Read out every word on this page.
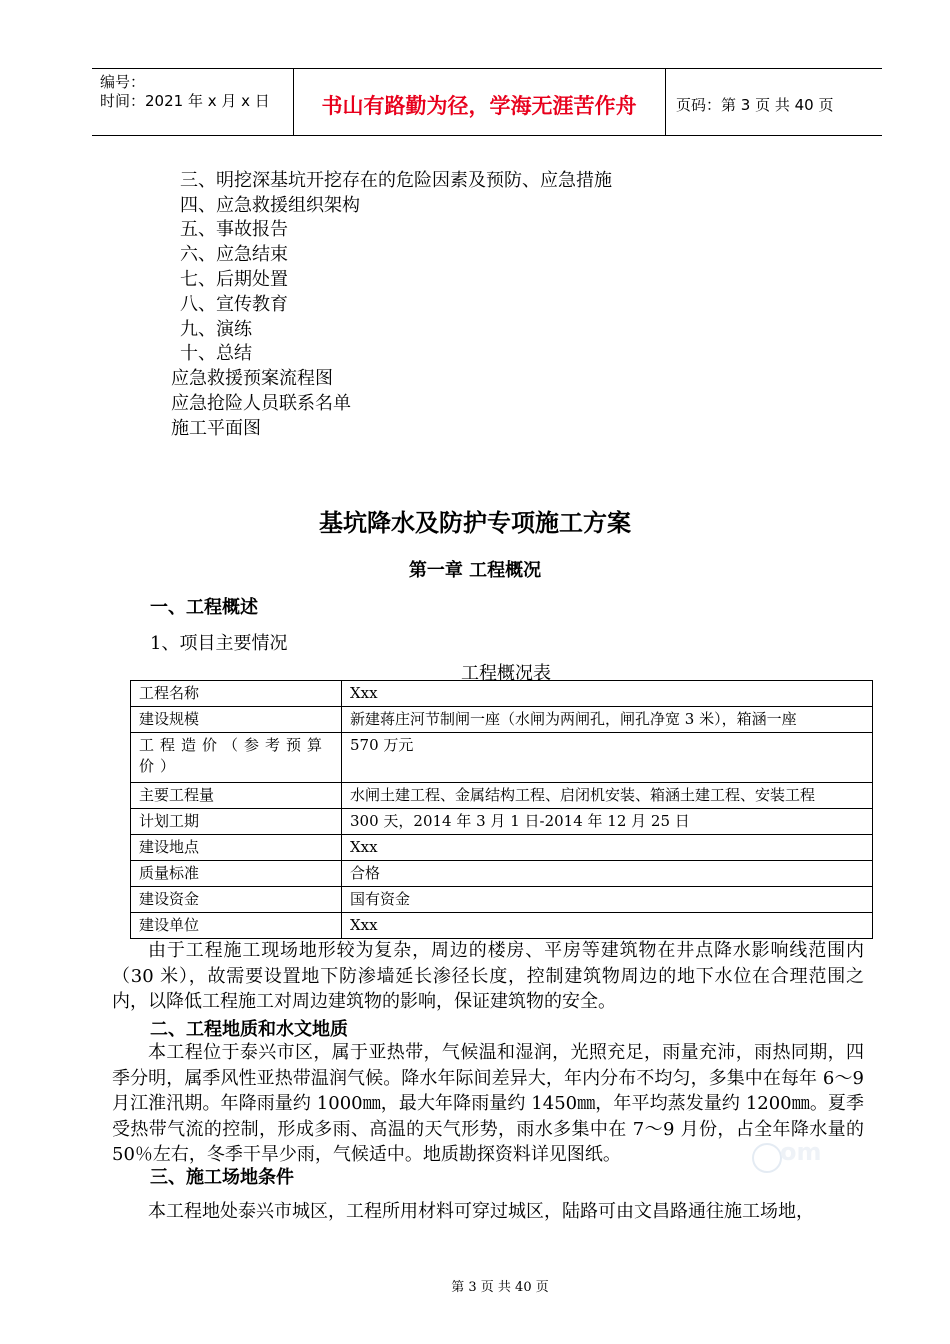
编号：
时间：2021 年 x 月 x 日	书山有路勤为径，学海无涯苦作舟	页码：第 3 页 共 40 页
三、明挖深基坑开挖存在的危险因素及预防、应急措施
四、应急救援组织架构
五、事故报告
六、应急结束
七、后期处置
八、宣传教育
九、演练
十、总结
应急救援预案流程图
应急抢险人员联系名单
施工平面图
基坑降水及防护专项施工方案
第一章 工程概况
一、工程概述
1、项目主要情况
工程概况表
工程名称	Xxx
建设规模	新建蒋庄河节制闸一座（水闸为两闸孔，闸孔净宽 3 米），箱涵一座
工程造价（参考预算价）	570 万元
主要工程量	水闸土建工程、金属结构工程、启闭机安装、箱涵土建工程、安装工程
计划工期	300 天，2014 年 3 月 1 日-2014 年 12 月 25 日
建设地点	Xxx
质量标准	合格
建设资金	国有资金
建设单位	Xxx
由于工程施工现场地形较为复杂，周边的楼房、平房等建筑物在井点降水影响线范围内（30 米），故需要设置地下防渗墙延长渗径长度，控制建筑物周边的地下水位在合理范围之内，以降低工程施工对周边建筑物的影响，保证建筑物的安全。
二、工程地质和水文地质
本工程位于泰兴市区，属于亚热带，气候温和湿润，光照充足，雨量充沛，雨热同期，四季分明，属季风性亚热带温润气候。降水年际间差异大，年内分布不均匀，多集中在每年 6～9 月江淮汛期。年降雨量约 1000㎜，最大年降雨量约 1450㎜，年平均蒸发量约 1200㎜。夏季受热带气流的控制，形成多雨、高温的天气形势，雨水多集中在 7～9 月份，占全年降水量的 50％左右，冬季干旱少雨，气候适中。地质勘探资料详见图纸。
三、施工场地条件
本工程地处泰兴市城区，工程所用材料可穿过城区，陆路可由文昌路通往施工场地，
om
第 3 页 共 40 页
